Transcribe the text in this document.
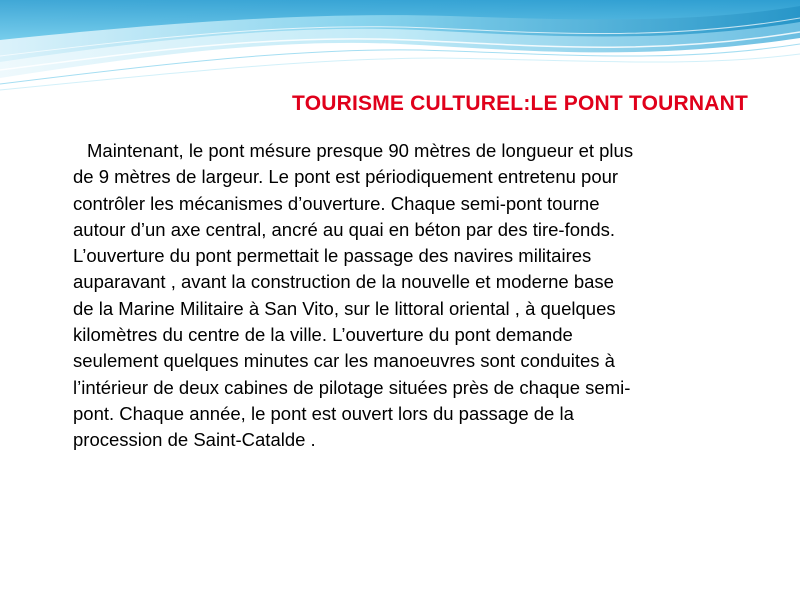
TOURISME CULTUREL:LE PONT TOURNANT
Maintenant, le pont mésure presque 90 mètres de longueur et plus
de 9 mètres de largeur. Le pont est périodiquement entretenu pour
contrôler les mécanismes d’ouverture. Chaque semi-pont tourne
autour d’un axe central, ancré au quai en béton par des tire-fonds.
L’ouverture du pont permettait le passage des navires militaires
auparavant , avant la construction de la nouvelle et moderne base
de la Marine Militaire à San Vito, sur le littoral oriental , à quelques
kilomètres du centre de la ville. L’ouverture du pont demande
seulement quelques minutes car les manoeuvres sont conduites à
l’intérieur de deux cabines de pilotage situées près de chaque semi-
pont. Chaque année, le pont est ouvert lors du passage de la
procession de Saint-Catalde .
